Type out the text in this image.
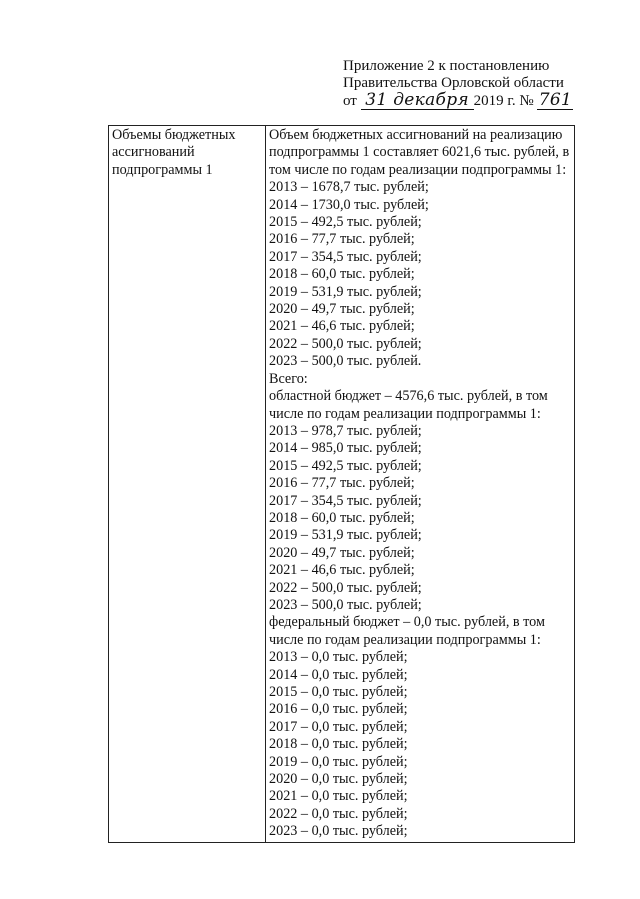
Приложение 2 к постановлению
Правительства Орловской области
от 31 декабря 2019 г. № 761
Объемы бюджетных
ассигнований
подпрограммы 1

Объем бюджетных ассигнований на реализацию
подпрограммы 1 составляет 6021,6 тыс. рублей, в
том числе по годам реализации подпрограммы 1:
2013 – 1678,7 тыс. рублей;
2014 – 1730,0 тыс. рублей;
2015 – 492,5 тыс. рублей;
2016 – 77,7 тыс. рублей;
2017 – 354,5 тыс. рублей;
2018 – 60,0 тыс. рублей;
2019 – 531,9 тыс. рублей;
2020 – 49,7 тыс. рублей;
2021 – 46,6 тыс. рублей;
2022 – 500,0 тыс. рублей;
2023 – 500,0 тыс. рублей.
Всего:
областной бюджет – 4576,6 тыс. рублей, в том
числе по годам реализации подпрограммы 1:
2013 – 978,7 тыс. рублей;
2014 – 985,0 тыс. рублей;
2015 – 492,5 тыс. рублей;
2016 – 77,7 тыс. рублей;
2017 – 354,5 тыс. рублей;
2018 – 60,0 тыс. рублей;
2019 – 531,9 тыс. рублей;
2020 – 49,7 тыс. рублей;
2021 – 46,6 тыс. рублей;
2022 – 500,0 тыс. рублей;
2023 – 500,0 тыс. рублей;
федеральный бюджет – 0,0 тыс. рублей, в том
числе по годам реализации подпрограммы 1:
2013 – 0,0 тыс. рублей;
2014 – 0,0 тыс. рублей;
2015 – 0,0 тыс. рублей;
2016 – 0,0 тыс. рублей;
2017 – 0,0 тыс. рублей;
2018 – 0,0 тыс. рублей;
2019 – 0,0 тыс. рублей;
2020 – 0,0 тыс. рублей;
2021 – 0,0 тыс. рублей;
2022 – 0,0 тыс. рублей;
2023 – 0,0 тыс. рублей;
